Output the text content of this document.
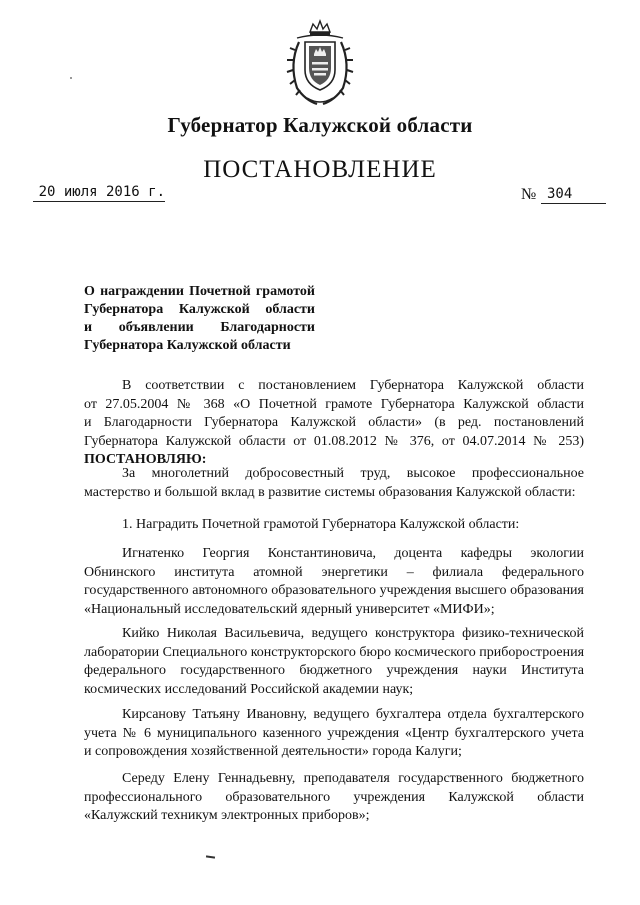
Губернатор Калужской области
ПОСТАНОВЛЕНИЕ
20 июля 2016 г.	№ 304
О награждении Почетной грамотой
Губернатора Калужской области
и объявлении Благодарности
Губернатора Калужской области
В соответствии с постановлением Губернатора Калужской области
от 27.05.2004 № 368 «О Почетной грамоте Губернатора Калужской области
и Благодарности Губернатора Калужской области» (в ред. постановлений
Губернатора Калужской области от 01.08.2012 № 376, от 04.07.2014 № 253)
ПОСТАНОВЛЯЮ:
За многолетний добросовестный труд, высокое профессиональное
мастерство и большой вклад в развитие системы образования Калужской области:
1. Наградить Почетной грамотой Губернатора Калужской области:
Игнатенко Георгия Константиновича, доцента кафедры экологии
Обнинского института атомной энергетики – филиала федерального
государственного автономного образовательного учреждения высшего образования
«Национальный исследовательский ядерный университет «МИФИ»;
Кийко Николая Васильевича, ведущего конструктора физико-технической
лаборатории Специального конструкторского бюро космического приборостроения
федерального государственного бюджетного учреждения науки Института
космических исследований Российской академии наук;
Кирсанову Татьяну Ивановну, ведущего бухгалтера отдела бухгалтерского
учета № 6 муниципального казенного учреждения «Центр бухгалтерского учета
и сопровождения хозяйственной деятельности» города Калуги;
Середу Елену Геннадьевну, преподавателя государственного бюджетного
профессионального образовательного учреждения Калужской области
«Калужский техникум электронных приборов»;
